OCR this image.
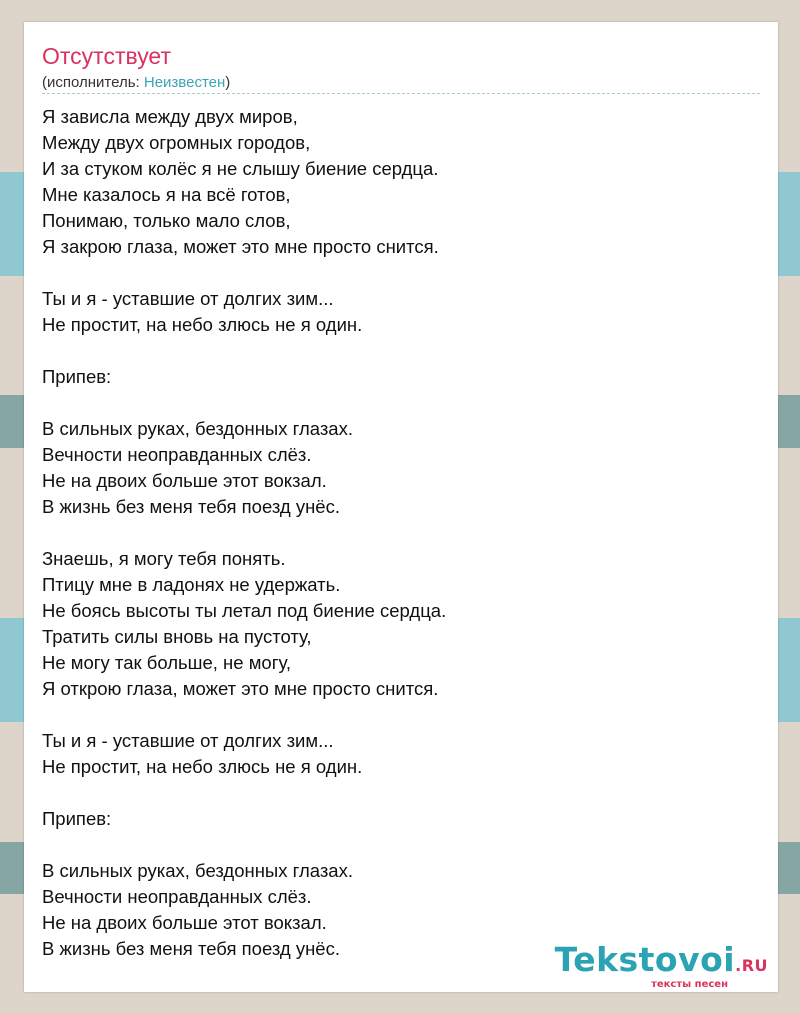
Отсутствует
(исполнитель: Неизвестен)
Я зависла между двух миров,
Между двух огромных городов,
И за стуком колёс я не слышу биение сердца.
Мне казалось я на всё готов,
Понимаю, только мало слов,
Я закрою глаза, может это мне просто снится.
Ты и я - уставшие от долгих зим...
Не простит, на небо злюсь не я один.
Припев:
В сильных руках, бездонных глазах.
Вечности неоправданных слёз.
Не на двоих больше этот вокзал.
В жизнь без меня тебя поезд унёс.
Знаешь, я могу тебя понять.
Птицу мне в ладонях не удержать.
Не боясь высоты ты летал под биение сердца.
Тратить силы вновь на пустоту,
Не могу так больше, не могу,
Я открою глаза, может это мне просто снится.
Ты и я - уставшие от долгих зим...
Не простит, на небо злюсь не я один.
Припев:
В сильных руках, бездонных глазах.
Вечности неоправданных слёз.
Не на двоих больше этот вокзал.
В жизнь без меня тебя поезд унёс.	Tekstovoi.RU
тексты песен
